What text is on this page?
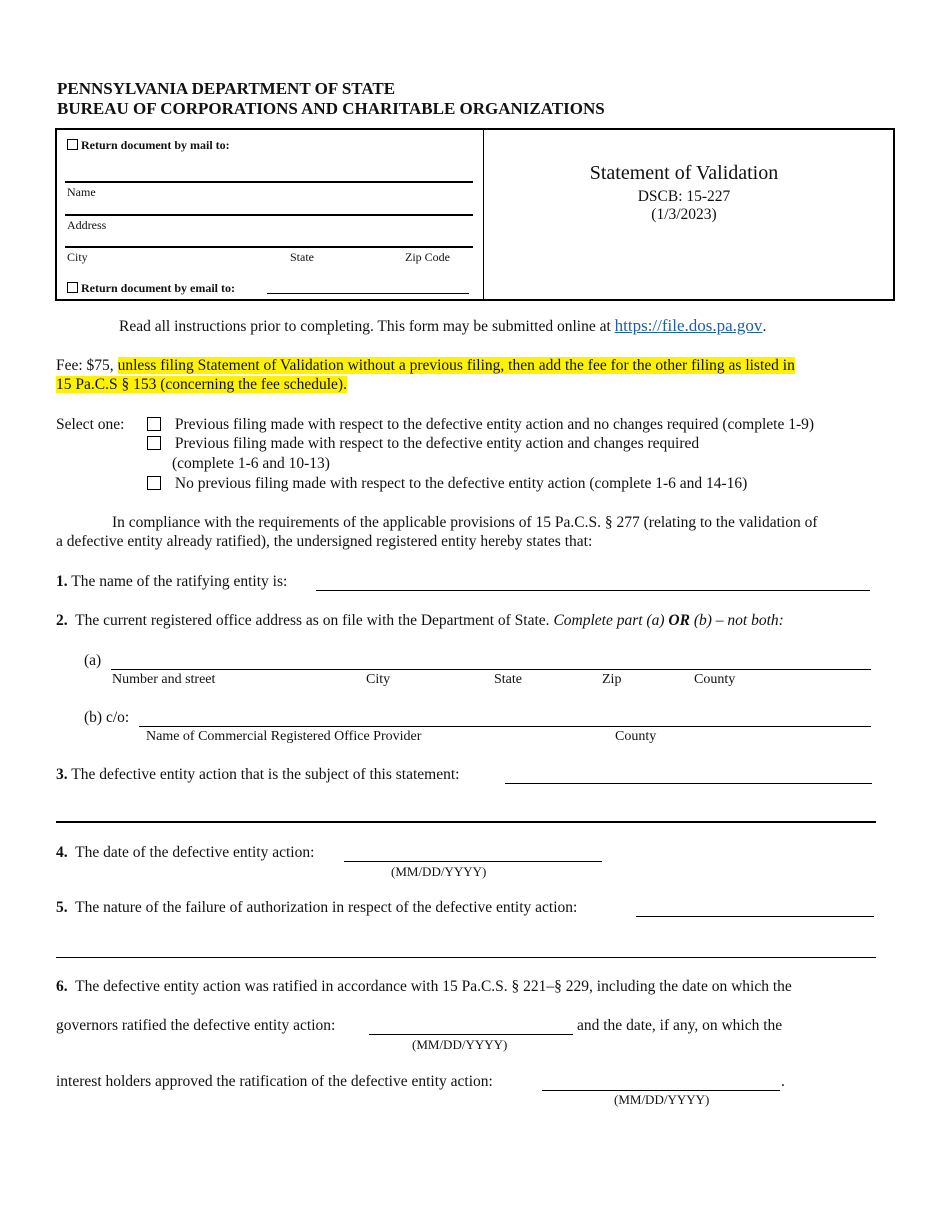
PENNSYLVANIA DEPARTMENT OF STATE
BUREAU OF CORPORATIONS AND CHARITABLE ORGANIZATIONS
Return document by mail to:
Name
Address
City	State	Zip Code
Return document by email to:
Statement of Validation
DSCB: 15-227
(1/3/2023)
Read all instructions prior to completing. This form may be submitted online at https://file.dos.pa.gov.
Fee: $75, unless filing Statement of Validation without a previous filing, then add the fee for the other filing as listed in
15 Pa.C.S § 153 (concerning the fee schedule).
Select one:	Previous filing made with respect to the defective entity action and no changes required (complete 1-9)
Previous filing made with respect to the defective entity action and changes required
(complete 1-6 and 10-13)
No previous filing made with respect to the defective entity action (complete 1-6 and 14-16)
In compliance with the requirements of the applicable provisions of 15 Pa.C.S. § 277 (relating to the validation of
a defective entity already ratified), the undersigned registered entity hereby states that:
1. The name of the ratifying entity is:
2. The current registered office address as on file with the Department of State. Complete part (a) OR (b) – not both:
(a)
Number and street	City	State	Zip	County
(b) c/o:
Name of Commercial Registered Office Provider	County
3. The defective entity action that is the subject of this statement:
4. The date of the defective entity action:
(MM/DD/YYYY)
5. The nature of the failure of authorization in respect of the defective entity action:
6. The defective entity action was ratified in accordance with 15 Pa.C.S. § 221–§ 229, including the date on which the
governors ratified the defective entity action:	and the date, if any, on which the
(MM/DD/YYYY)
interest holders approved the ratification of the defective entity action:	.
(MM/DD/YYYY)
